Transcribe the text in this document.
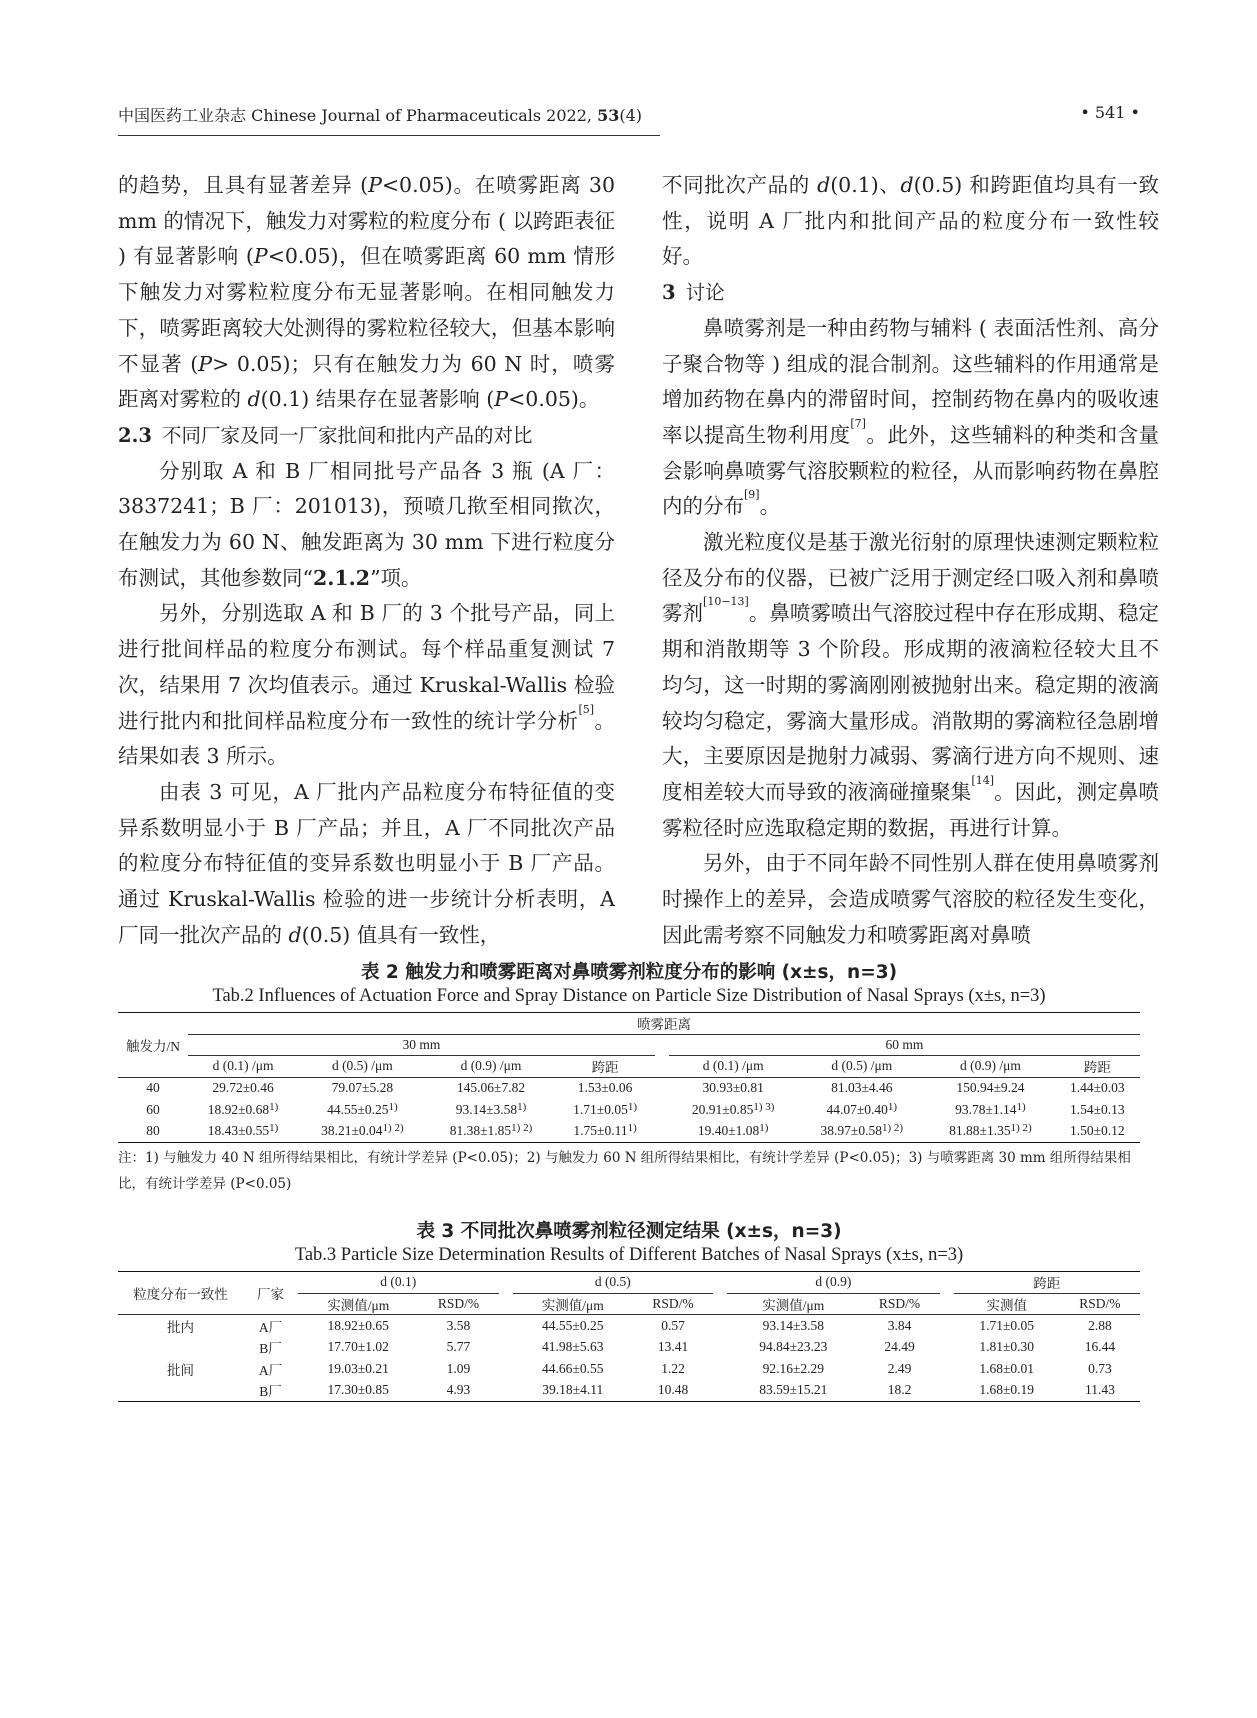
中国医药工业杂志 Chinese Journal of Pharmaceuticals 2022, 53(4)	• 541 •

的趋势，且具有显著差异 (P<0.05)。在喷雾距离 30 mm 的情况下，触发力对雾粒的粒度分布 ( 以跨距表征 ) 有显著影响 (P<0.05)，但在喷雾距离 60 mm 情形下触发力对雾粒粒度分布无显著影响。在相同触发力下，喷雾距离较大处测得的雾粒粒径较大，但基本影响不显著 (P> 0.05)；只有在触发力为 60 N 时，喷雾距离对雾粒的 d(0.1) 结果存在显著影响 (P<0.05)。

2.3 不同厂家及同一厂家批间和批内产品的对比

分别取 A 和 B 厂相同批号产品各 3 瓶 (A 厂：3837241；B 厂：201013)，预喷几揿至相同揿次，在触发力为 60 N、触发距离为 30 mm 下进行粒度分布测试，其他参数同“2.1.2”项。

另外，分别选取 A 和 B 厂的 3 个批号产品，同上进行批间样品的粒度分布测试。每个样品重复测试 7 次，结果用 7 次均值表示。通过 Kruskal-Wallis 检验进行批内和批间样品粒度分布一致性的统计学分析[5]。结果如表 3 所示。

由表 3 可见，A 厂批内产品粒度分布特征值的变异系数明显小于 B 厂产品；并且，A 厂不同批次产品的粒度分布特征值的变异系数也明显小于 B 厂产品。通过 Kruskal-Wallis 检验的进一步统计分析表明，A 厂同一批次产品的 d(0.5) 值具有一致性，

不同批次产品的 d(0.1)、d(0.5) 和跨距值均具有一致性，说明 A 厂批内和批间产品的粒度分布一致性较好。

3 讨论

鼻喷雾剂是一种由药物与辅料 ( 表面活性剂、高分子聚合物等 ) 组成的混合制剂。这些辅料的作用通常是增加药物在鼻内的滞留时间，控制药物在鼻内的吸收速率以提高生物利用度[7]。此外，这些辅料的种类和含量会影响鼻喷雾气溶胶颗粒的粒径，从而影响药物在鼻腔内的分布[9]。

激光粒度仪是基于激光衍射的原理快速测定颗粒粒径及分布的仪器，已被广泛用于测定经口吸入剂和鼻喷雾剂[10−13]。鼻喷雾喷出气溶胶过程中存在形成期、稳定期和消散期等 3 个阶段。形成期的液滴粒径较大且不均匀，这一时期的雾滴刚刚被抛射出来。稳定期的液滴较均匀稳定，雾滴大量形成。消散期的雾滴粒径急剧增大，主要原因是抛射力减弱、雾滴行进方向不规则、速度相差较大而导致的液滴碰撞聚集[14]。因此，测定鼻喷雾粒径时应选取稳定期的数据，再进行计算。

另外，由于不同年龄不同性别人群在使用鼻喷雾剂时操作上的差异，会造成喷雾气溶胶的粒径发生变化，因此需考察不同触发力和喷雾距离对鼻喷

表 2 触发力和喷雾距离对鼻喷雾剂粒度分布的影响 (x±s，n=3)
Tab.2 Influences of Actuation Force and Spray Distance on Particle Size Distribution of Nasal Sprays (x±s, n=3)
触发力/N	喷雾距离								
	30 mm					60 mm			
	d (0.1) /μm	d (0.5) /μm	d (0.9) /μm	跨距		d (0.1) /μm	d (0.5) /μm	d (0.9) /μm	跨距
40	29.72±0.46	79.07±5.28	145.06±7.82	1.53±0.06		30.93±0.81	81.03±4.46	150.94±9.24	1.44±0.03
60	$18.92\pm 0.68^{1)}$	$44.55\pm 0.25^{1)}$	$93.14\pm 3.58^{1)}$	$1.71\pm 0.05^{1)}$		$20.91\pm 0.85^{1) 3)}$	$44.07\pm 0.40^{1)}$	$93.78\pm 1.14^{1)}$	1.54±0.13
80	$18.43\pm 0.55^{1)}$	$38.21\pm 0.04^{1) 2)}$	$81.38\pm 1.85^{1) 2)}$	$1.75\pm 0.11^{1)}$		$19.40\pm 1.08^{1)}$	$38.97\pm 0.58^{1) 2)}$	$81.88\pm 1.35^{1) 2)}$	1.50±0.12
注：1) 与触发力 40 N 组所得结果相比，有统计学差异 (P<0.05)；2) 与触发力 60 N 组所得结果相比，有统计学差异 (P<0.05)；3) 与喷雾距离 30 mm 组所得结果相比，有统计学差异 (P<0.05)
表 3 不同批次鼻喷雾剂粒径测定结果 (x±s，n=3)
Tab.3 Particle Size Determination Results of Different Batches of Nasal Sprays (x±s, n=3)
粒度分布一致性	厂家	d (0.1)			d (0.5)			d (0.9)			跨距	
		实测值/μm	RSD/%		实测值/μm	RSD/%		实测值/μm	RSD/%		实测值	RSD/%
批内	A厂	18.92±0.65	3.58		44.55±0.25	0.57		93.14±3.58	3.84		1.71±0.05	2.88
	B厂	17.70±1.02	5.77		41.98±5.63	13.41		94.84±23.23	24.49		1.81±0.30	16.44
批间	A厂	19.03±0.21	1.09		44.66±0.55	1.22		92.16±2.29	2.49		1.68±0.01	0.73
	B厂	17.30±0.85	4.93		39.18±4.11	10.48		83.59±15.21	18.2		1.68±0.19	11.43
